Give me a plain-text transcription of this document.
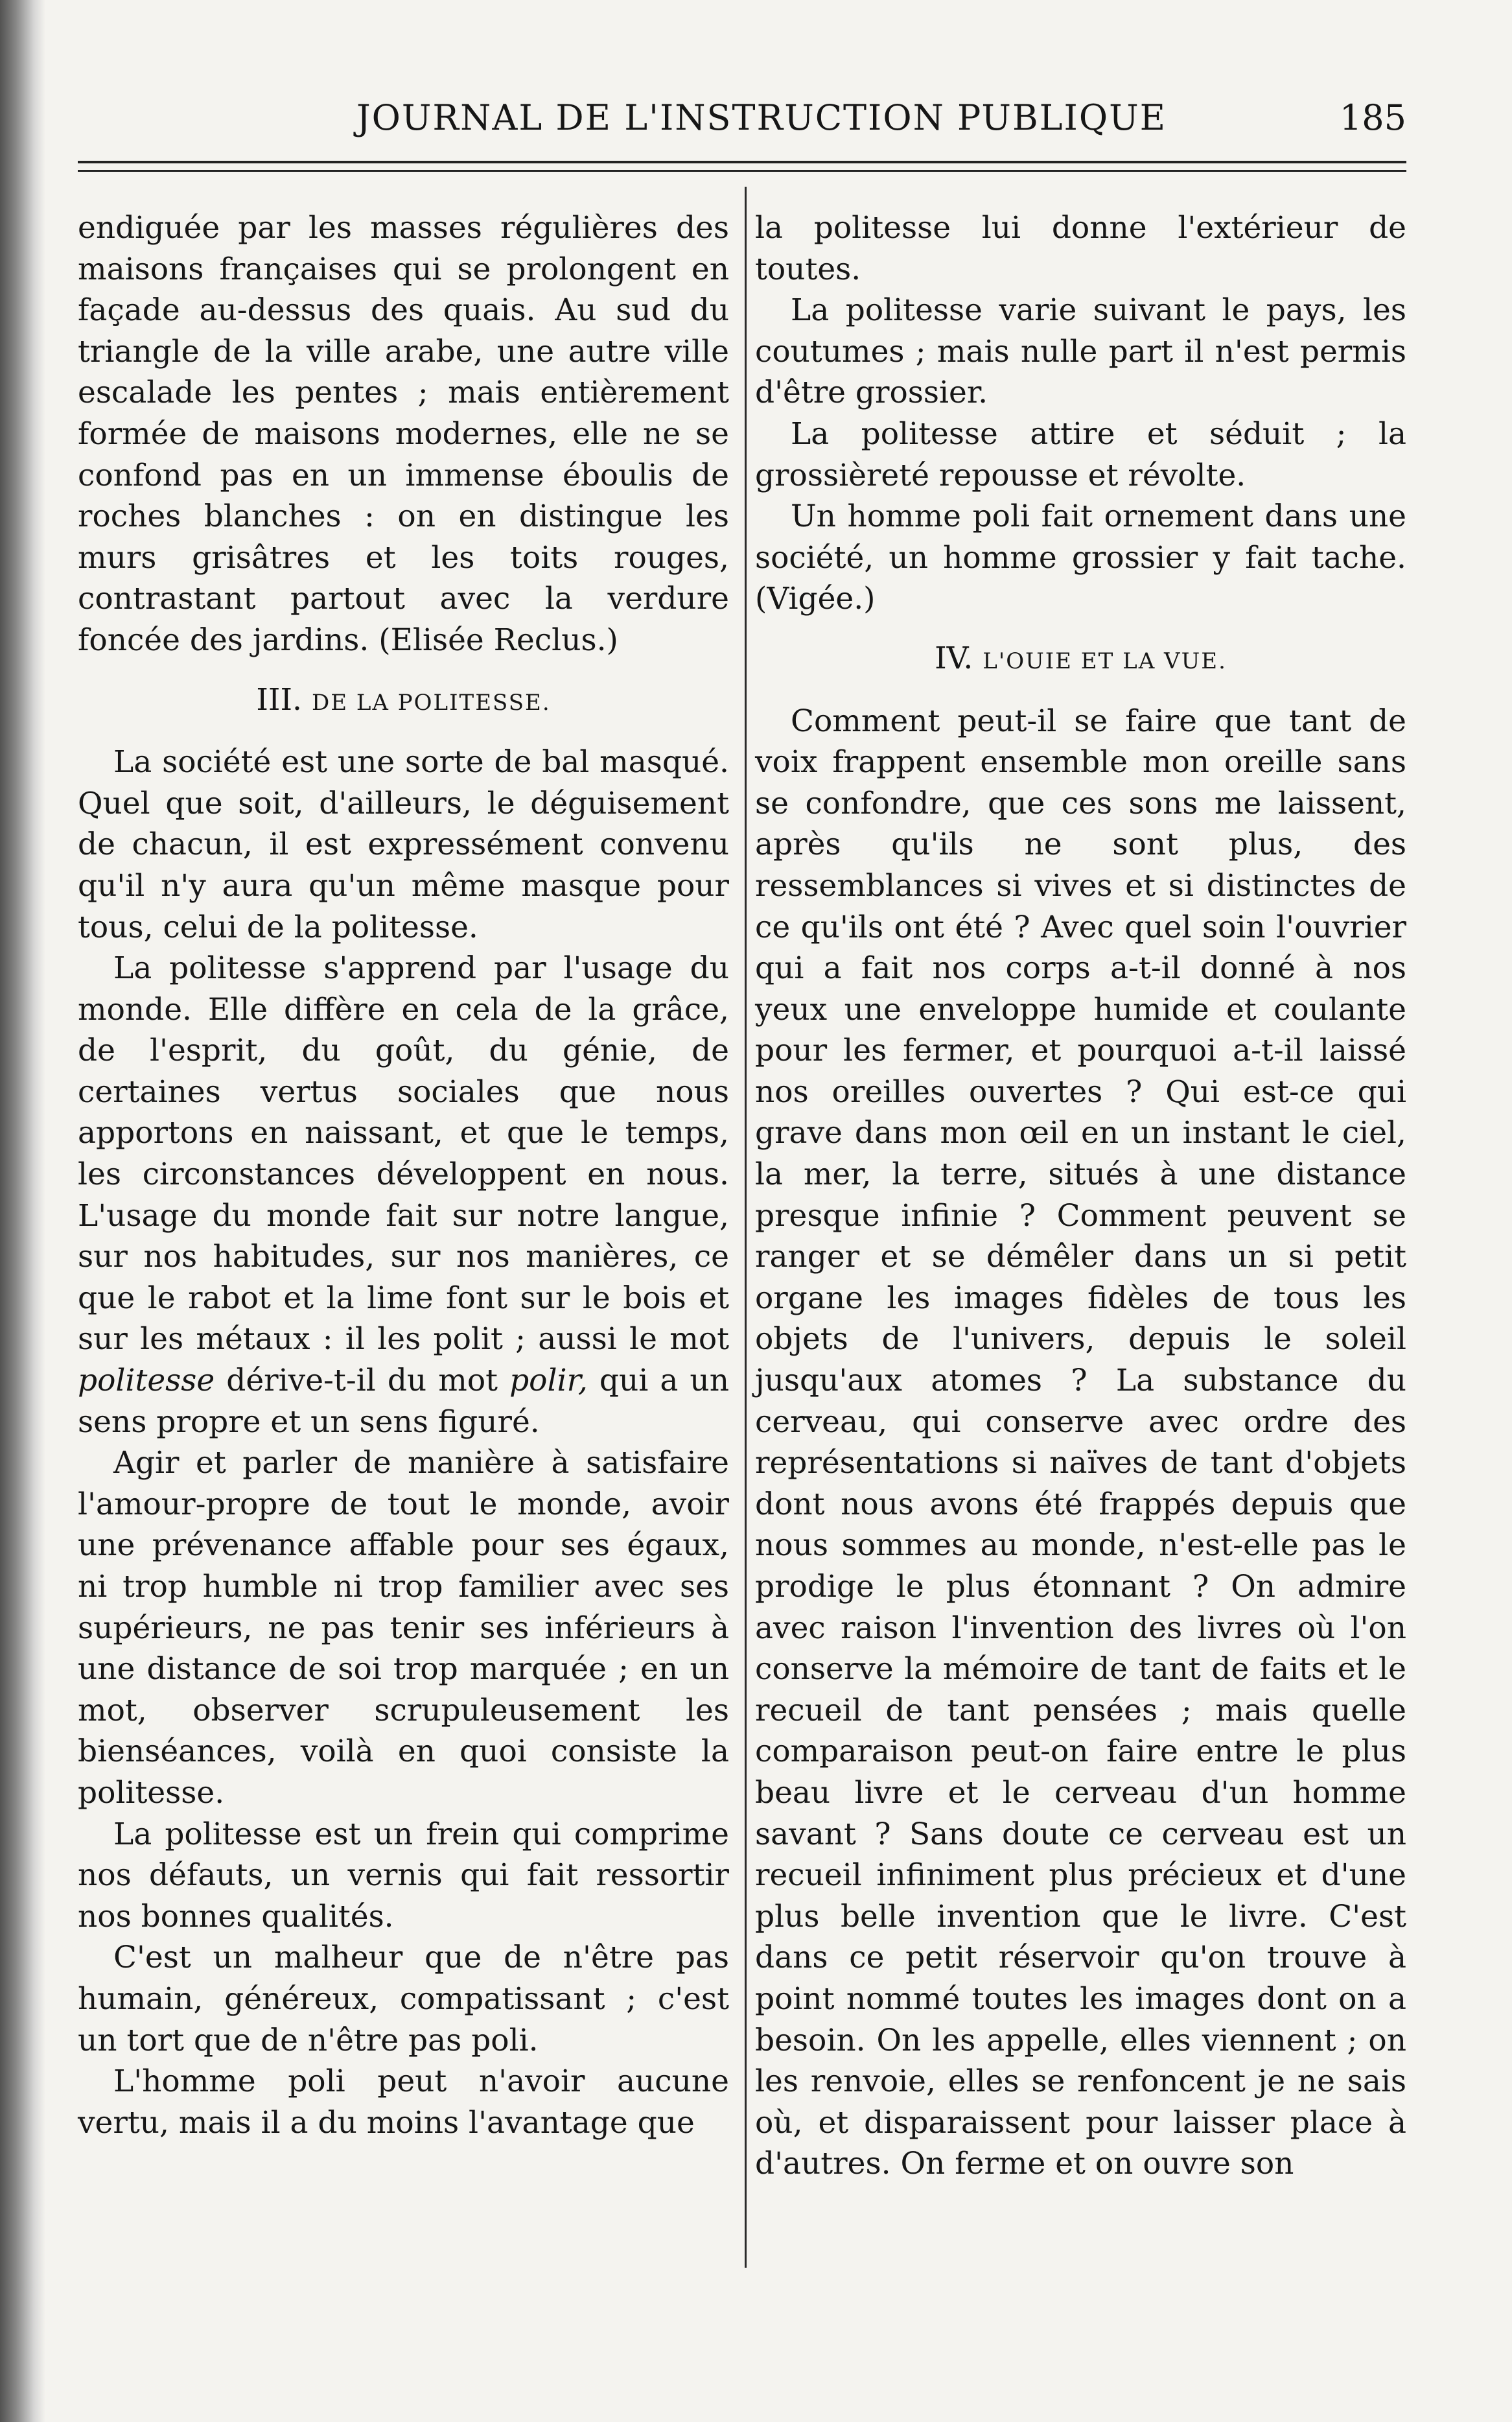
JOURNAL DE L'INSTRUCTION PUBLIQUE	185

endiguée par les masses régulières des maisons françaises qui se prolongent en façade au-dessus des quais. Au sud du triangle de la ville arabe, une autre ville escalade les pentes ; mais entièrement formée de maisons modernes, elle ne se confond pas en un immense éboulis de roches blanches : on en distingue les murs grisâtres et les toits rouges, contrastant partout avec la verdure foncée des jardins. (Elisée Reclus.)

III. DE LA POLITESSE.

La société est une sorte de bal masqué. Quel que soit, d'ailleurs, le déguisement de chacun, il est expressément convenu qu'il n'y aura qu'un même masque pour tous, celui de la politesse.

La politesse s'apprend par l'usage du monde. Elle diffère en cela de la grâce, de l'esprit, du goût, du génie, de certaines vertus sociales que nous apportons en naissant, et que le temps, les circonstances développent en nous. L'usage du monde fait sur notre langue, sur nos habitudes, sur nos manières, ce que le rabot et la lime font sur le bois et sur les métaux : il les polit ; aussi le mot politesse dérive-t-il du mot polir, qui a un sens propre et un sens figuré.

Agir et parler de manière à satisfaire l'amour-propre de tout le monde, avoir une prévenance affable pour ses égaux, ni trop humble ni trop familier avec ses supérieurs, ne pas tenir ses inférieurs à une distance de soi trop marquée ; en un mot, observer scrupuleusement les bienséances, voilà en quoi consiste la politesse.

La politesse est un frein qui comprime nos défauts, un vernis qui fait ressortir nos bonnes qualités.

C'est un malheur que de n'être pas humain, généreux, compatissant ; c'est un tort que de n'être pas poli.

L'homme poli peut n'avoir aucune vertu, mais il a du moins l'avantage que

la politesse lui donne l'extérieur de toutes.

La politesse varie suivant le pays, les coutumes ; mais nulle part il n'est permis d'être grossier.

La politesse attire et séduit ; la grossièreté repousse et révolte.

Un homme poli fait ornement dans une société, un homme grossier y fait tache. (Vigée.)

IV. L'OUIE ET LA VUE.

Comment peut-il se faire que tant de voix frappent ensemble mon oreille sans se confondre, que ces sons me laissent, après qu'ils ne sont plus, des ressemblances si vives et si distinctes de ce qu'ils ont été ? Avec quel soin l'ouvrier qui a fait nos corps a-t-il donné à nos yeux une enveloppe humide et coulante pour les fermer, et pourquoi a-t-il laissé nos oreilles ouvertes ? Qui est-ce qui grave dans mon œil en un instant le ciel, la mer, la terre, situés à une distance presque infinie ? Comment peuvent se ranger et se démêler dans un si petit organe les images fidèles de tous les objets de l'univers, depuis le soleil jusqu'aux atomes ? La substance du cerveau, qui conserve avec ordre des représentations si naïves de tant d'objets dont nous avons été frappés depuis que nous sommes au monde, n'est-elle pas le prodige le plus étonnant ? On admire avec raison l'invention des livres où l'on conserve la mémoire de tant de faits et le recueil de tant pensées ; mais quelle comparaison peut-on faire entre le plus beau livre et le cerveau d'un homme savant ? Sans doute ce cerveau est un recueil infiniment plus précieux et d'une plus belle invention que le livre. C'est dans ce petit réservoir qu'on trouve à point nommé toutes les images dont on a besoin. On les appelle, elles viennent ; on les renvoie, elles se renfoncent je ne sais où, et disparaissent pour laisser place à d'autres. On ferme et on ouvre son
